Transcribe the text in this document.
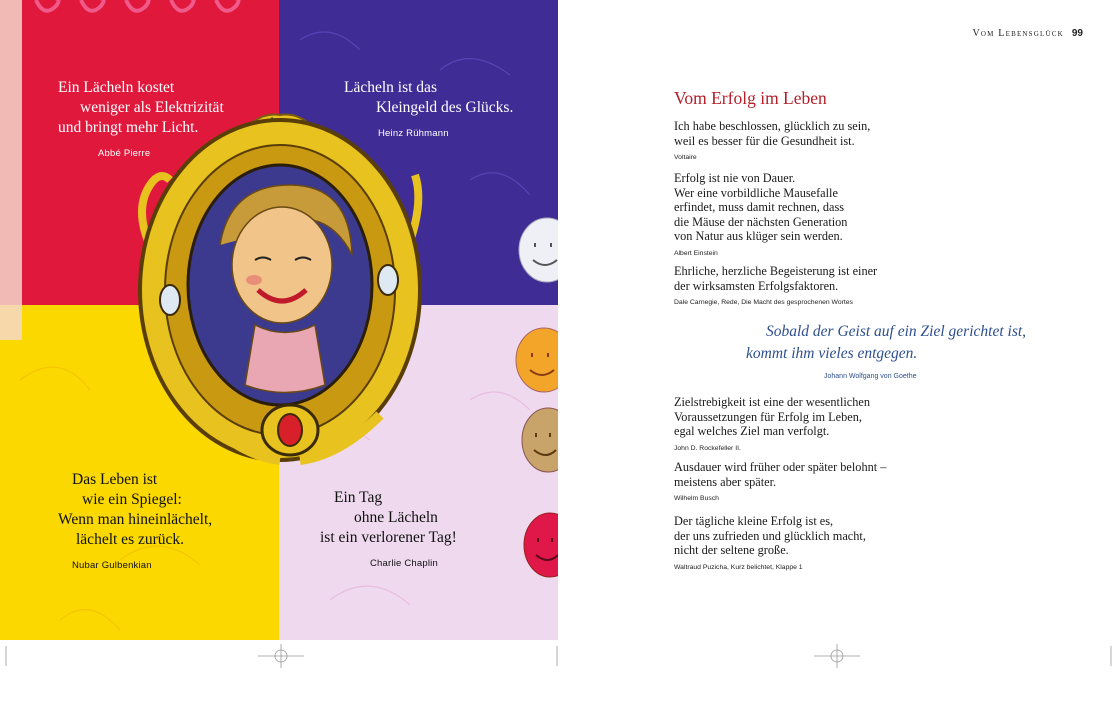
Ein Lächeln kostet
weniger als Elektrizität
und bringt mehr Licht.
Abbé Pierre
Lächeln ist das
Kleingeld des Glücks.
Heinz Rühmann
Das Leben ist
wie ein Spiegel:
Wenn man hineinlächelt,
lächelt es zurück.
Nubar Gulbenkian
Ein Tag
ohne Lächeln
ist ein verlorener Tag!
Charlie Chaplin
Vom Lebensglück 99
Vom Erfolg im Leben
Ich habe beschlossen, glücklich zu sein,
weil es besser für die Gesundheit ist.
Voltaire
Erfolg ist nie von Dauer.
Wer eine vorbildliche Mausefalle
erfindet, muss damit rechnen, dass
die Mäuse der nächsten Generation
von Natur aus klüger sein werden.
Albert Einstein
Ehrliche, herzliche Begeisterung ist einer
der wirksamsten Erfolgsfaktoren.
Dale Carnegie, Rede, Die Macht des gesprochenen Wortes
Sobald der Geist auf ein Ziel gerichtet ist,
kommt ihm vieles entgegen.
Johann Wolfgang von Goethe
Zielstrebigkeit ist eine der wesentlichen
Voraussetzungen für Erfolg im Leben,
egal welches Ziel man verfolgt.
John D. Rockefeller II.
Ausdauer wird früher oder später belohnt –
meistens aber später.
Wilhelm Busch
Der tägliche kleine Erfolg ist es,
der uns zufrieden und glücklich macht,
nicht der seltene große.
Waltraud Puzicha, Kurz belichtet, Klappe 1
